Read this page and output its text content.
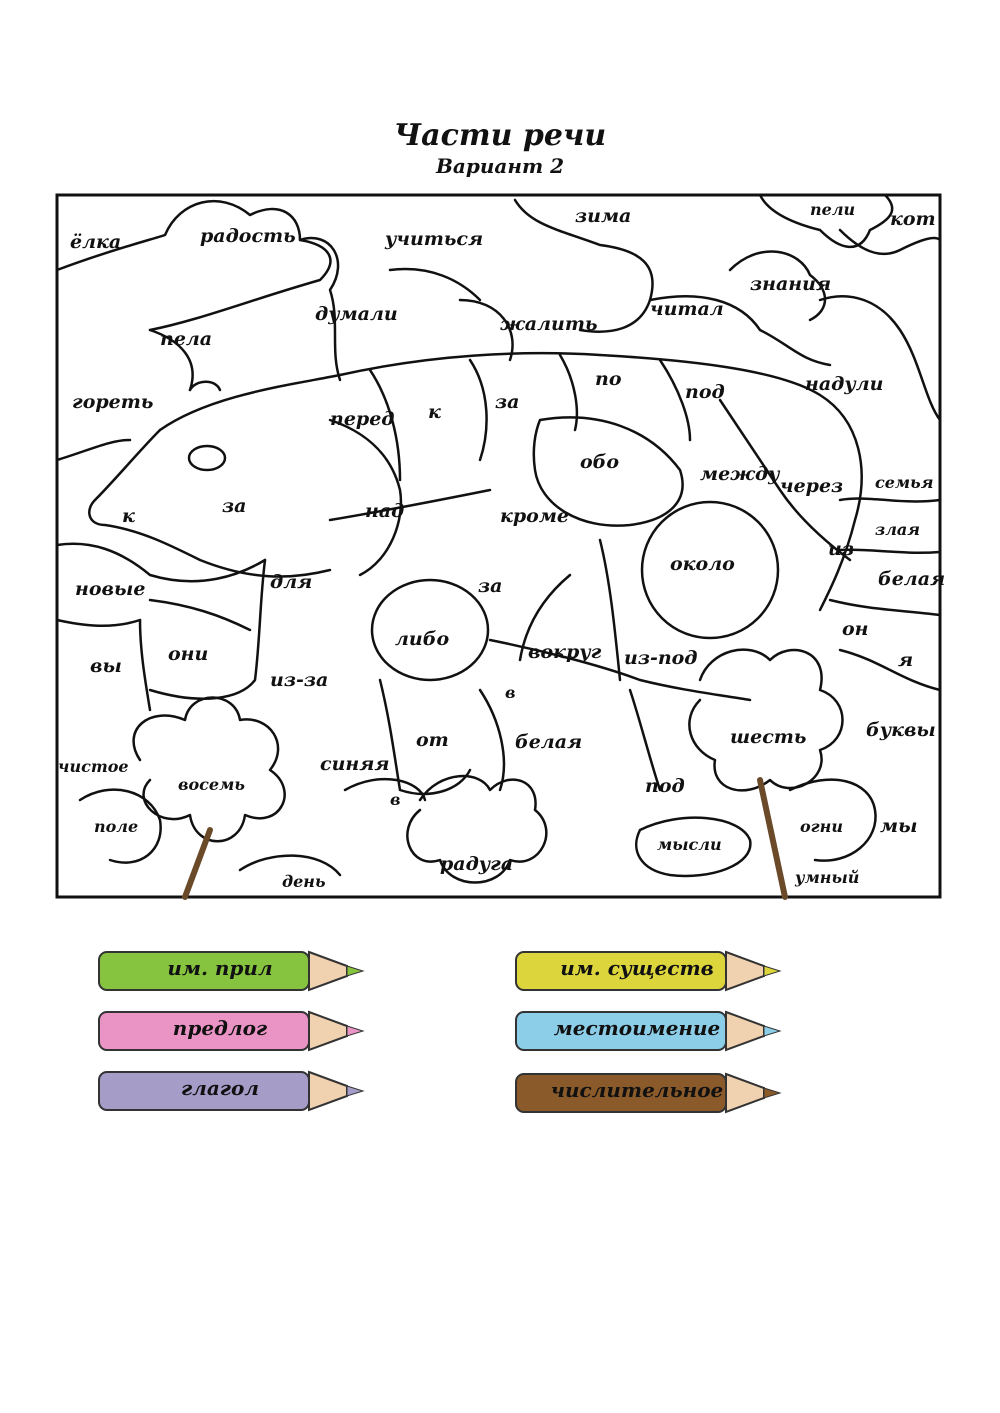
Части речи
Вариант 2
ёлка	радость	учиться
зима	пели кот
знания
думали	жалить
читал
пела
гореть
перед к	за
по
под	надули
обо
между
через семья
к	за	над	кроме
злая
около
из
новые	для	за	белая
либо	он
вы
они
из-за
вокруг из-под	я
в
буквы
шесть
от	белая
чистое	синяя
восемь	под
в
поле
мысли
огни мы
радуга
день	умный
им. прил	им. существ
предлог	местоимение
глагол	числительное
